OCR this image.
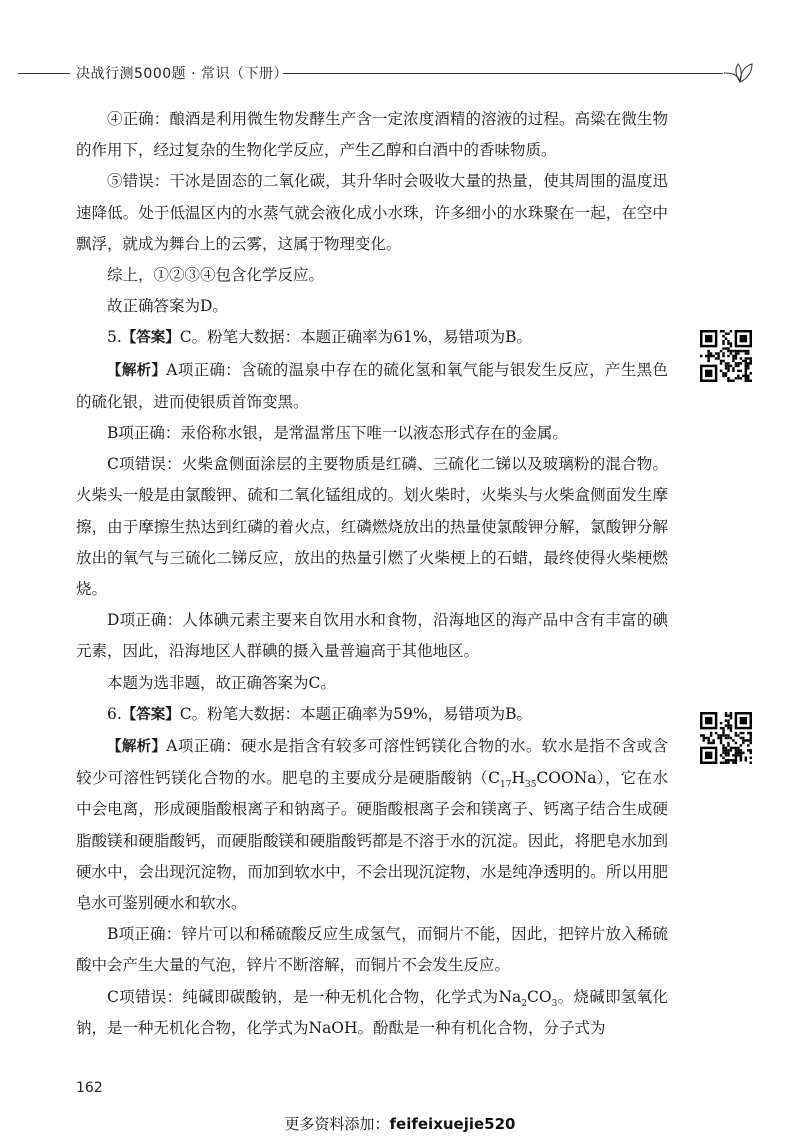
决战行测5000题 · 常识（下册）

④正确：酿酒是利用微生物发酵生产含一定浓度酒精的溶液的过程。高粱在微生物的作用下，经过复杂的生物化学反应，产生乙醇和白酒中的香味物质。

⑤错误：干冰是固态的二氧化碳，其升华时会吸收大量的热量，使其周围的温度迅速降低。处于低温区内的水蒸气就会液化成小水珠，许多细小的水珠聚在一起，在空中飘浮，就成为舞台上的云雾，这属于物理变化。

综上，①②③④包含化学反应。

故正确答案为D。

5.【答案】C。粉笔大数据：本题正确率为61%，易错项为B。

【解析】A项正确：含硫的温泉中存在的硫化氢和氧气能与银发生反应，产生黑色的硫化银，进而使银质首饰变黑。

B项正确：汞俗称水银，是常温常压下唯一以液态形式存在的金属。

C项错误：火柴盒侧面涂层的主要物质是红磷、三硫化二锑以及玻璃粉的混合物。火柴头一般是由氯酸钾、硫和二氧化锰组成的。划火柴时，火柴头与火柴盒侧面发生摩擦，由于摩擦生热达到红磷的着火点，红磷燃烧放出的热量使氯酸钾分解，氯酸钾分解放出的氧气与三硫化二锑反应，放出的热量引燃了火柴梗上的石蜡，最终使得火柴梗燃烧。

D项正确：人体碘元素主要来自饮用水和食物，沿海地区的海产品中含有丰富的碘元素，因此，沿海地区人群碘的摄入量普遍高于其他地区。

本题为选非题，故正确答案为C。

6.【答案】C。粉笔大数据：本题正确率为59%，易错项为B。

【解析】A项正确：硬水是指含有较多可溶性钙镁化合物的水。软水是指不含或含较少可溶性钙镁化合物的水。肥皂的主要成分是硬脂酸钠$(C_{17}H_{35}COONa)$，它在水中会电离，形成硬脂酸根离子和钠离子。硬脂酸根离子会和镁离子、钙离子结合生成硬脂酸镁和硬脂酸钙，而硬脂酸镁和硬脂酸钙都是不溶于水的沉淀。因此，将肥皂水加到硬水中，会出现沉淀物，而加到软水中，不会出现沉淀物，水是纯净透明的。所以用肥皂水可鉴别硬水和软水。

B项正确：锌片可以和稀硫酸反应生成氢气，而铜片不能，因此，把锌片放入稀硫酸中会产生大量的气泡，锌片不断溶解，而铜片不会发生反应。

C项错误：纯碱即碳酸钠，是一种无机化合物，化学式为$Na_2CO_3$。烧碱即氢氧化钠，是一种无机化合物，化学式为NaOH。酚酞是一种有机化合物，分子式为

162
更多资料添加：feifeixuejie520
